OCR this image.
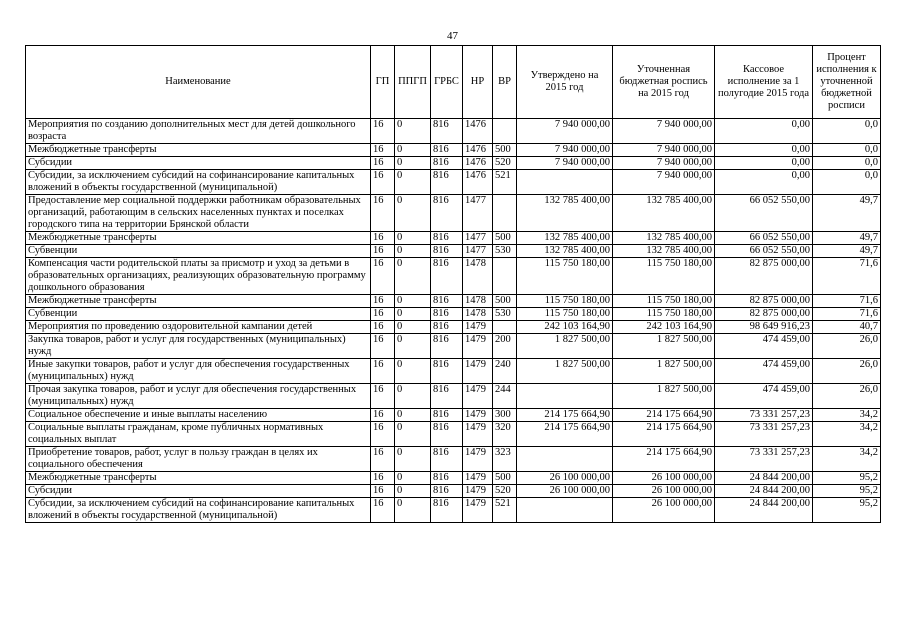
47
Наименование	ГП	ППГП	ГРБС	НР	ВР	Утверждено на 2015 год	Уточненная бюджетная роспись на 2015 год	Кассовое исполнение за 1 полугодие 2015 года	Процент исполнения к уточненной бюджетной росписи
Мероприятия по созданию дополнительных мест для детей дошкольного возраста	16	0	816	1476		7 940 000,00	7 940 000,00	0,00	0,0
Межбюджетные трансферты	16	0	816	1476	500	7 940 000,00	7 940 000,00	0,00	0,0
Субсидии	16	0	816	1476	520	7 940 000,00	7 940 000,00	0,00	0,0
Субсидии, за исключением субсидий на софинансирование капитальных вложений в объекты государственной (муниципальной)	16	0	816	1476	521		7 940 000,00	0,00	0,0
Предоставление мер социальной поддержки работникам образовательных организаций, работающим в сельских населенных пунктах и поселках городского типа на территории Брянской области	16	0	816	1477		132 785 400,00	132 785 400,00	66 052 550,00	49,7
Межбюджетные трансферты	16	0	816	1477	500	132 785 400,00	132 785 400,00	66 052 550,00	49,7
Субвенции	16	0	816	1477	530	132 785 400,00	132 785 400,00	66 052 550,00	49,7
Компенсация части родительской платы за присмотр и уход за детьми в образовательных организациях, реализующих образовательную программу дошкольного образования	16	0	816	1478		115 750 180,00	115 750 180,00	82 875 000,00	71,6
Межбюджетные трансферты	16	0	816	1478	500	115 750 180,00	115 750 180,00	82 875 000,00	71,6
Субвенции	16	0	816	1478	530	115 750 180,00	115 750 180,00	82 875 000,00	71,6
Мероприятия по проведению оздоровительной кампании детей	16	0	816	1479		242 103 164,90	242 103 164,90	98 649 916,23	40,7
Закупка товаров, работ и услуг для государственных (муниципальных) нужд	16	0	816	1479	200	1 827 500,00	1 827 500,00	474 459,00	26,0
Иные закупки товаров, работ и услуг для обеспечения государственных (муниципальных) нужд	16	0	816	1479	240	1 827 500,00	1 827 500,00	474 459,00	26,0
Прочая закупка товаров, работ и услуг для обеспечения государственных (муниципальных) нужд	16	0	816	1479	244		1 827 500,00	474 459,00	26,0
Социальное обеспечение и иные выплаты населению	16	0	816	1479	300	214 175 664,90	214 175 664,90	73 331 257,23	34,2
Социальные выплаты гражданам, кроме публичных нормативных социальных выплат	16	0	816	1479	320	214 175 664,90	214 175 664,90	73 331 257,23	34,2
Приобретение товаров, работ, услуг в пользу граждан в целях их социального обеспечения	16	0	816	1479	323		214 175 664,90	73 331 257,23	34,2
Межбюджетные трансферты	16	0	816	1479	500	26 100 000,00	26 100 000,00	24 844 200,00	95,2
Субсидии	16	0	816	1479	520	26 100 000,00	26 100 000,00	24 844 200,00	95,2
Субсидии, за исключением субсидий на софинансирование капитальных вложений в объекты государственной (муниципальной)	16	0	816	1479	521		26 100 000,00	24 844 200,00	95,2
